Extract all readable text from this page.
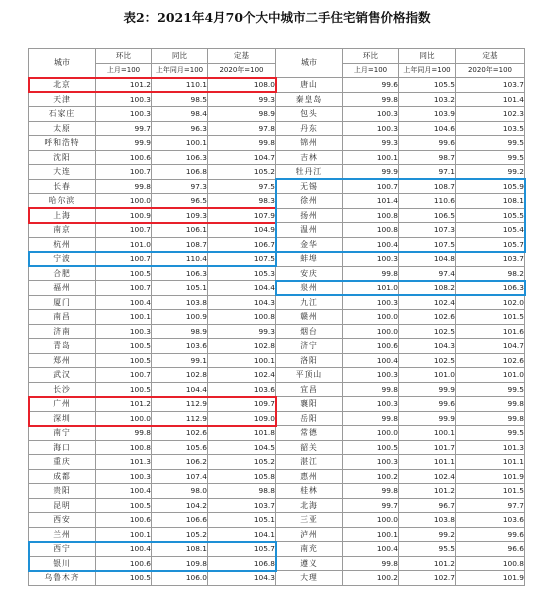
表2：2021年4月70个大中城市二手住宅销售价格指数
城市	环比	同比	定基	城市	环比	同比	定基
	上月=100	上年同月=100	2020年=100		上月=100	上年同月=100	2020年=100
北京	101.2	110.1	108.0	唐山	99.6	105.5	103.7
天津	100.3	98.5	99.3	秦皇岛	99.8	103.2	101.4
石家庄	100.3	98.4	98.9	包头	100.3	103.9	102.3
太原	99.7	96.3	97.8	丹东	100.3	104.6	103.5
呼和浩特	99.9	100.1	99.8	锦州	99.3	99.6	99.5
沈阳	100.6	106.3	104.7	吉林	100.1	98.7	99.5
大连	100.7	106.8	105.2	牡丹江	99.9	97.1	99.2
长春	99.8	97.3	97.5	无锡	100.7	108.7	105.9
哈尔滨	100.0	96.5	98.3	徐州	101.4	110.6	108.1
上海	100.9	109.3	107.9	扬州	100.8	106.5	105.5
南京	100.7	106.1	104.9	温州	100.8	107.3	105.4
杭州	101.0	108.7	106.7	金华	100.4	107.5	105.7
宁波	100.7	110.4	107.5	蚌埠	100.3	104.8	103.7
合肥	100.5	106.3	105.3	安庆	99.8	97.4	98.2
福州	100.7	105.1	104.4	泉州	101.0	108.2	106.3
厦门	100.4	103.8	104.3	九江	100.3	102.4	102.0
南昌	100.1	100.9	100.8	赣州	100.0	102.6	101.5
济南	100.3	98.9	99.3	烟台	100.0	102.5	101.6
青岛	100.5	103.6	102.8	济宁	100.6	104.3	104.7
郑州	100.5	99.1	100.1	洛阳	100.4	102.5	102.6
武汉	100.7	102.8	102.4	平顶山	100.3	101.0	101.0
长沙	100.5	104.4	103.6	宜昌	99.8	99.9	99.5
广州	101.2	112.9	109.7	襄阳	100.3	99.6	99.8
深圳	100.0	112.9	109.0	岳阳	99.8	99.9	99.8
南宁	99.8	102.6	101.8	常德	100.0	100.1	99.5
海口	100.8	105.6	104.5	韶关	100.5	101.7	101.3
重庆	101.3	106.2	105.2	湛江	100.3	101.1	101.1
成都	100.3	107.4	105.8	惠州	100.2	102.4	101.9
贵阳	100.4	98.0	98.8	桂林	99.8	101.2	101.5
昆明	100.5	104.2	103.7	北海	99.7	96.7	97.7
西安	100.6	106.6	105.1	三亚	100.0	103.8	103.6
兰州	100.1	105.2	104.1	泸州	100.1	99.2	99.6
西宁	100.4	108.1	105.7	南充	100.4	95.5	96.6
银川	100.6	109.8	106.8	遵义	99.8	101.2	100.8
乌鲁木齐	100.5	106.0	104.3	大理	100.2	102.7	101.9
